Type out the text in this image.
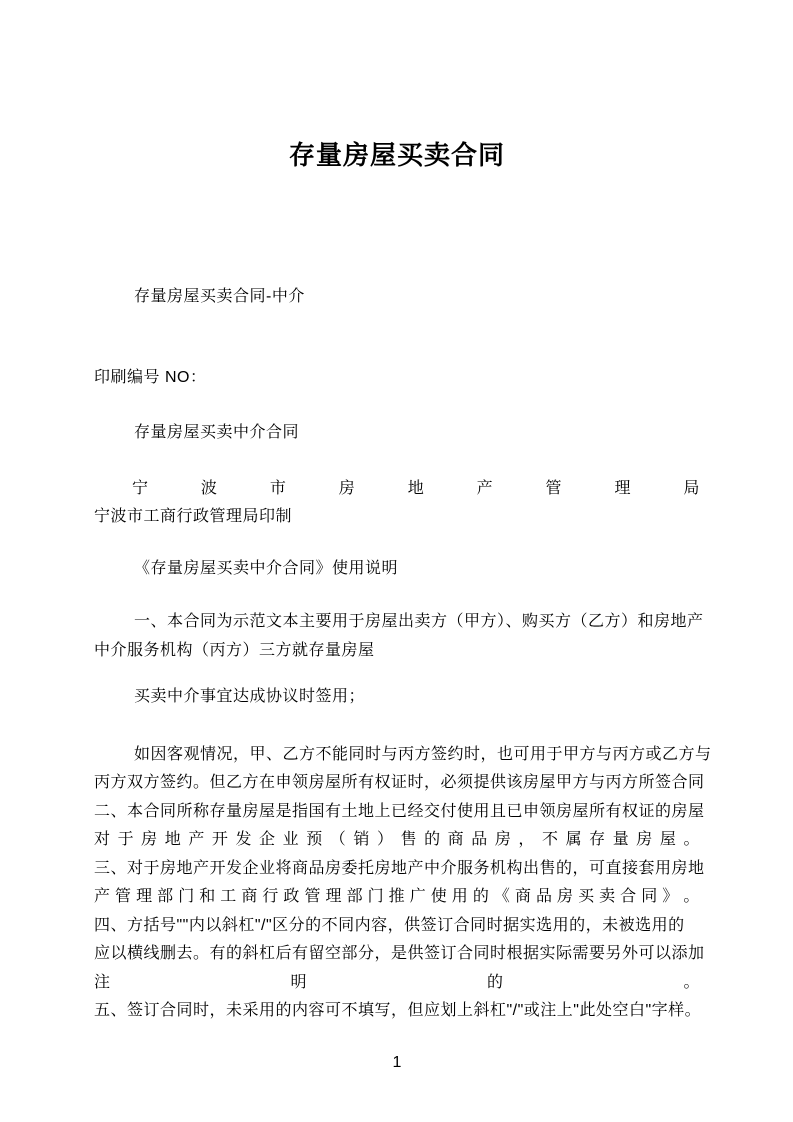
存量房屋买卖合同
存量房屋买卖合同-中介
印刷编号 NO：
存量房屋买卖中介合同
宁	波	市	房	地	产	管	理	局
宁波市工商行政管理局印制
《存量房屋买卖中介合同》使用说明
一、本合同为示范文本主要用于房屋出卖方（甲方）、购买方（乙方）和房地产
中介服务机构（丙方）三方就存量房屋
买卖中介事宜达成协议时签用；
如因客观情况，甲、乙方不能同时与丙方签约时，也可用于甲方与丙方或乙方与
丙方双方签约。但乙方在申领房屋所有权证时，必须提供该房屋甲方与丙方所签合同
二、本合同所称存量房屋是指国有土地上已经交付使用且已申领房屋所有权证的房屋
对 于 房 地 产 开 发 企 业 预 （ 销 ） 售 的 商 品 房 ， 不 属 存 量 房 屋 。
三、对于房地产开发企业将商品房委托房地产中介服务机构出售的，可直接套用房地
产 管 理 部 门 和 工 商 行 政 管 理 部 门 推 广 使 用 的 《 商 品 房 买 卖 合 同 》 。
四、方括号""内以斜杠"/"区分的不同内容，供签订合同时据实选用的，未被选用的
应以横线删去。有的斜杠后有留空部分，是供签订合同时根据实际需要另外可以添加
注	明	的	。
五、签订合同时，未采用的内容可不填写，但应划上斜杠"/"或注上"此处空白"字样。
1
